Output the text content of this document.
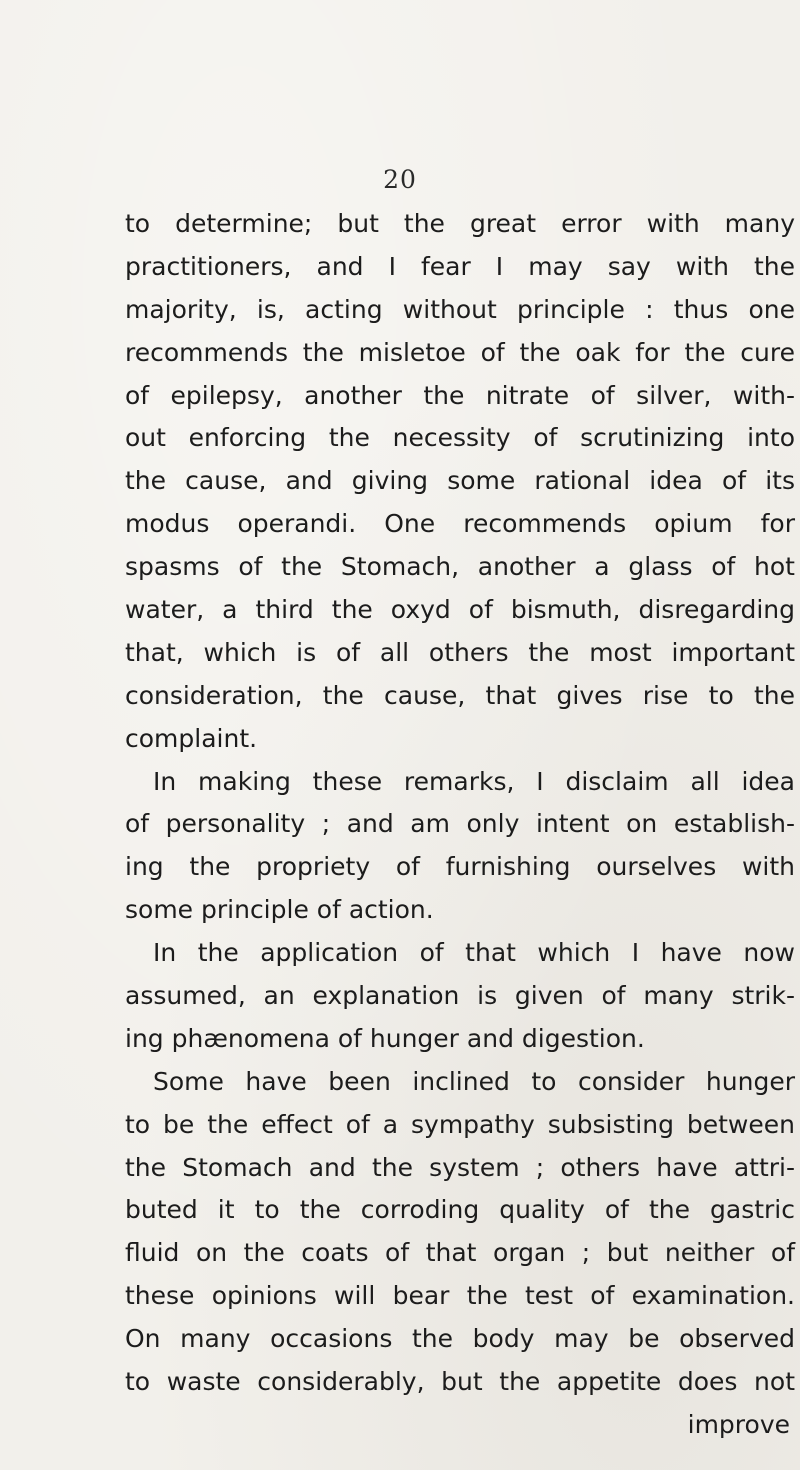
20
to determine; but the great error with many
practitioners, and I fear I may say with the
majority, is, acting without principle : thus one
recommends the misletoe of the oak for the cure
of epilepsy, another the nitrate of silver, with-
out enforcing the necessity of scrutinizing into
the cause, and giving some rational idea of its
modus operandi. One recommends opium for
spasms of the Stomach, another a glass of hot
water, a third the oxyd of bismuth, disregarding
that, which is of all others the most important
consideration, the cause, that gives rise to the
complaint.
In making these remarks, I disclaim all idea
of personality ; and am only intent on establish-
ing the propriety of furnishing ourselves with
some principle of action.
In the application of that which I have now
assumed, an explanation is given of many strik-
ing phænomena of hunger and digestion.
Some have been inclined to consider hunger
to be the effect of a sympathy subsisting between
the Stomach and the system ; others have attri-
buted it to the corroding quality of the gastric
fluid on the coats of that organ ; but neither of
these opinions will bear the test of examination.
On many occasions the body may be observed
to waste considerably, but the appetite does not
improve
